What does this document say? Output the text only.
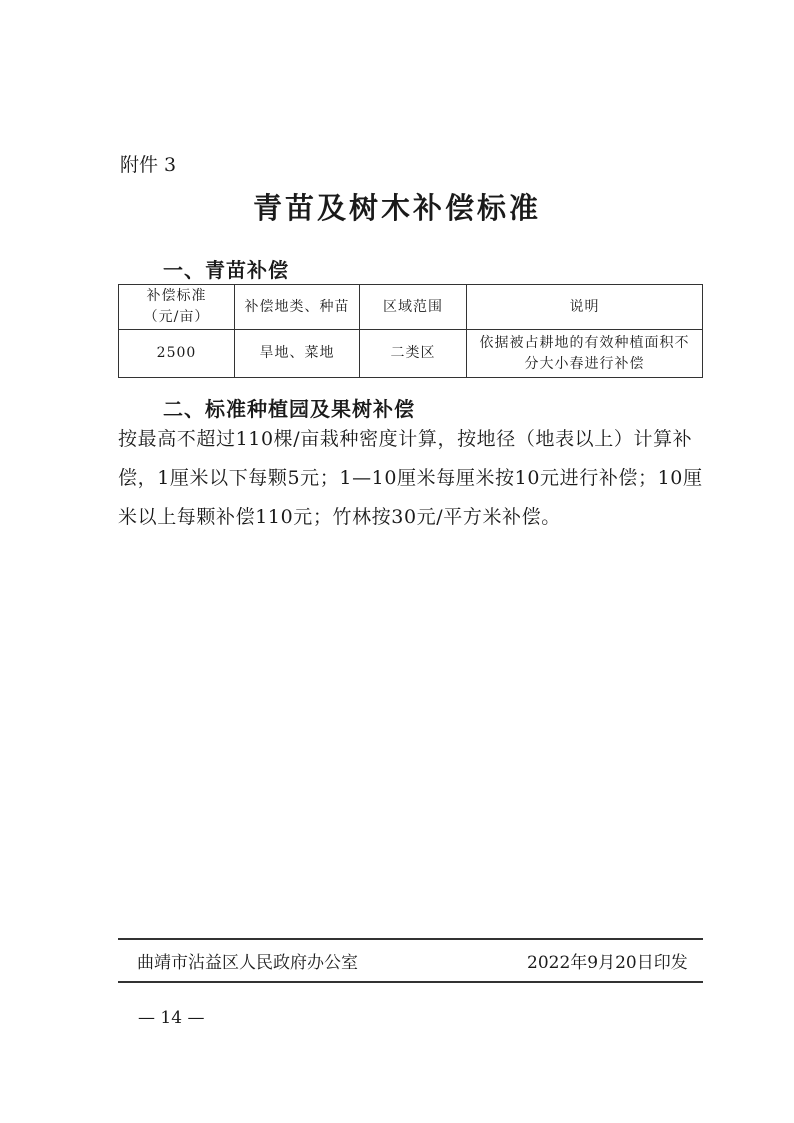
附件 3
青苗及树木补偿标准
一、青苗补偿
补偿标准
（元/亩）	补偿地类、种苗	区域范围	说明
2500	旱地、菜地	二类区	依据被占耕地的有效种植面积不
分大小春进行补偿
二、标准种植园及果树补偿
按最高不超过110棵/亩栽种密度计算，按地径（地表以上）计算补偿，1厘米以下每颗5元；1—10厘米每厘米按10元进行补偿；10厘米以上每颗补偿110元；竹林按30元/平方米补偿。
曲靖市沾益区人民政府办公室	2022年9月20日印发
— 14 —
